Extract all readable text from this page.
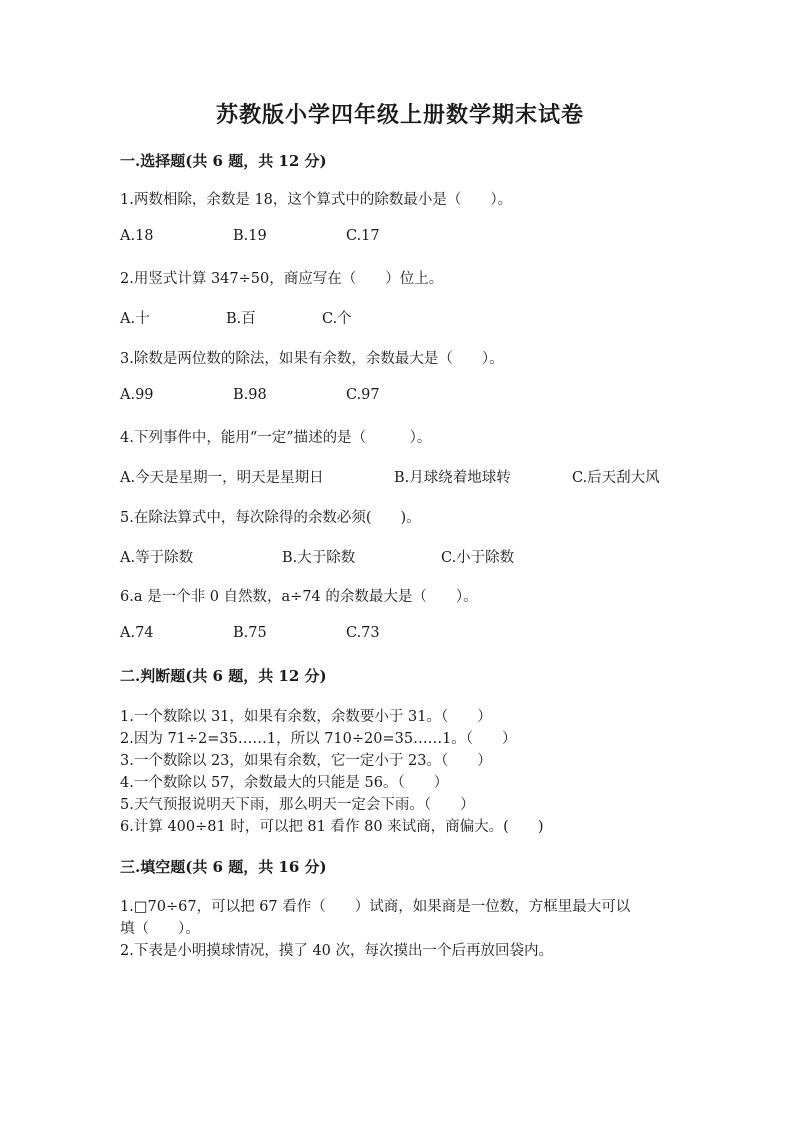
苏教版小学四年级上册数学期末试卷
一.选择题(共 6 题，共 12 分)
1.两数相除，余数是 18，这个算式中的除数最小是（　　）。
A.18	B.19	C.17
2.用竖式计算 347÷50，商应写在（　　）位上。
A.十	B.百	C.个
3.除数是两位数的除法，如果有余数，余数最大是（　　）。
A.99	B.98	C.97
4.下列事件中，能用“一定”描述的是（　　　）。
A.今天是星期一，明天是星期日	B.月球绕着地球转	C.后天刮大风
5.在除法算式中，每次除得的余数必须(　　)。
A.等于除数	B.大于除数	C.小于除数
6.a 是一个非 0 自然数，a÷74 的余数最大是（　　）。
A.74	B.75	C.73
二.判断题(共 6 题，共 12 分)
1.一个数除以 31，如果有余数，余数要小于 31。（　　）
2.因为 71÷2=35……1，所以 710÷20=35……1。（　　）
3.一个数除以 23，如果有余数，它一定小于 23。（　　）
4.一个数除以 57，余数最大的只能是 56。（　　）
5.天气预报说明天下雨，那么明天一定会下雨。（　　）
6.计算 400÷81 时，可以把 81 看作 80 来试商，商偏大。(　　)
三.填空题(共 6 题，共 16 分)
1.□70÷67，可以把 67 看作（　　）试商，如果商是一位数，方框里最大可以
填（　　）。
2.下表是小明摸球情况，摸了 40 次，每次摸出一个后再放回袋内。
